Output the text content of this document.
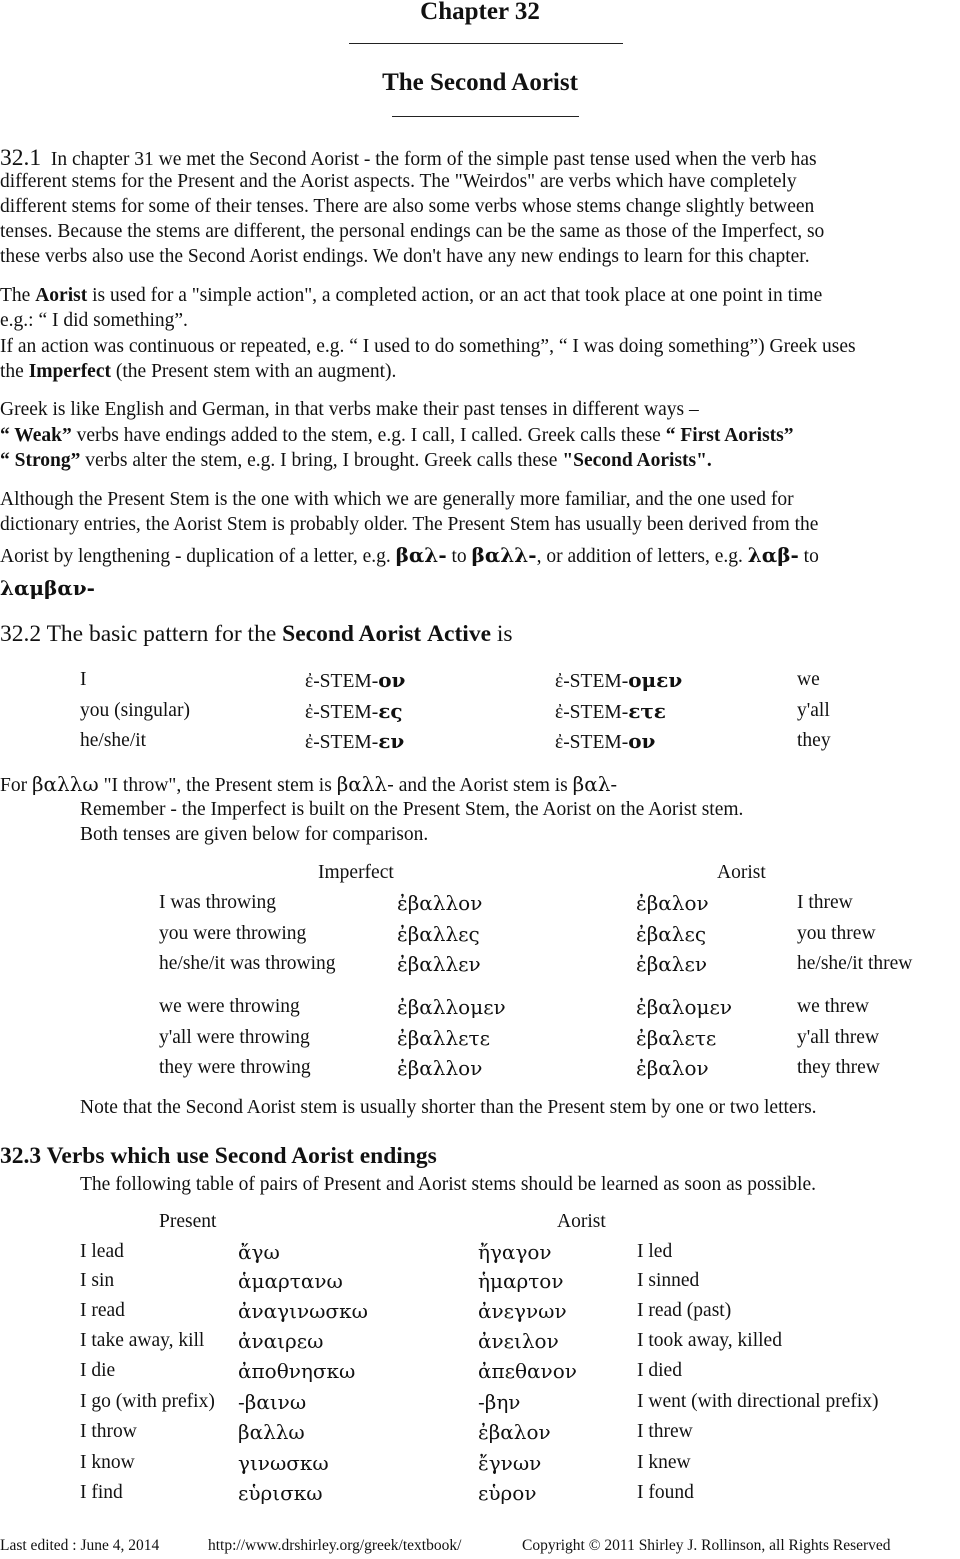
Chapter 32
The Second Aorist
32.1 In chapter 31 we met the Second Aorist - the form of the simple past tense used when the verb has
different stems for the Present and the Aorist aspects. The "Weirdos" are verbs which have completely
different stems for some of their tenses. There are also some verbs whose stems change slightly between
tenses. Because the stems are different, the personal endings can be the same as those of the Imperfect, so
these verbs also use the Second Aorist endings. We don't have any new endings to learn for this chapter.
The Aorist is used for a "simple action", a completed action, or an act that took place at one point in time
e.g.: “ I did something”.
If an action was continuous or repeated, e.g. “ I used to do something”, “ I was doing something”) Greek uses
the Imperfect (the Present stem with an augment).
Greek is like English and German, in that verbs make their past tenses in different ways –
“ Weak” verbs have endings added to the stem, e.g. I call, I called. Greek calls these “ First Aorists”
“ Strong” verbs alter the stem, e.g. I bring, I brought. Greek calls these "Second Aorists".
Although the Present Stem is the one with which we are generally more familiar, and the one used for
dictionary entries, the Aorist Stem is probably older. The Present Stem has usually been derived from the
Aorist by lengthening - duplication of a letter, e.g. βαλ- to βαλλ-, or addition of letters, e.g. λαβ- to
λαμβαν-
32.2 The basic pattern for the Second Aorist Active is
I	ἐ-STEM-ον	ἐ-STEM-ομεν	we
you (singular)	ἐ-STEM-ες	ἐ-STEM-ετε	y'all
he/she/it	ἐ-STEM-εν	ἐ-STEM-ον	they
For βαλλω "I throw", the Present stem is βαλλ- and the Aorist stem is βαλ-
Remember - the Imperfect is built on the Present Stem, the Aorist on the Aorist stem.
Both tenses are given below for comparison.
Imperfect	Aorist
I was throwing	ἐβαλλον	ἐβαλον	I threw
you were throwing	ἐβαλλες	ἐβαλες	you threw
he/she/it was throwing	ἐβαλλεν	ἐβαλεν	he/she/it threw
we were throwing	ἐβαλλομεν	ἐβαλομεν	we threw
y'all were throwing	ἐβαλλετε	ἐβαλετε	y'all threw
they were throwing	ἐβαλλον	ἐβαλον	they threw
Note that the Second Aorist stem is usually shorter than the Present stem by one or two letters.
32.3 Verbs which use Second Aorist endings
The following table of pairs of Present and Aorist stems should be learned as soon as possible.
Present	Aorist
I lead	ἄγω	ἤγαγον	I led
I sin	ἁμαρτανω	ἡμαρτον	I sinned
I read	ἀναγινωσκω	ἀνεγνων	I read (past)
I take away, kill ἀναιρεω	ἀνειλον	I took away, killed
I die	ἀποθνησκω	ἀπεθανον	I died
I go (with prefix) -βαινω	-βην	I went (with directional prefix)
I throw	βαλλω	ἐβαλον	I threw
I know	γινωσκω	ἔγνων	I knew
I find	εὑρισκω	εὑρον	I found
Last edited : June 4, 2014	http://www.drshirley.org/greek/textbook/	Copyright © 2011 Shirley J. Rollinson, all Rights Reserved
